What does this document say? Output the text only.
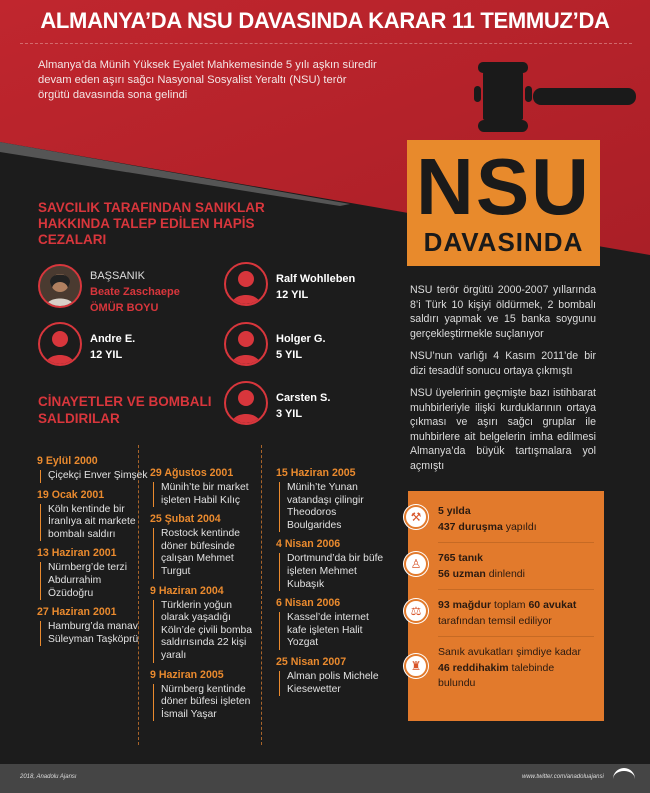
ALMANYA’DA NSU DAVASINDA KARAR 11 TEMMUZ’DA

Almanya’da Münih Yüksek Eyalet Mahkemesinde 5 yılı aşkın süredir devam eden aşırı sağcı Nasyonal Sosyalist Yeraltı (NSU) terör örgütü davasında sona gelindi

NSU
DAVASINDA
SAVCILIK TARAFINDAN SANIKLAR HAKKINDA TALEP EDİLEN HAPİS CEZALARI
BAŞSANIK
Beate Zaschaepe
ÖMÜR BOYU
Ralf Wohlleben
12 YIL
Andre E.
12 YIL
Holger G.
5 YIL
Carsten S.
3 YIL
CİNAYETLER VE BOMBALI SALDIRILAR
9 Eylül 2000
Çiçekçi Enver Şimşek
19 Ocak 2001
Köln kentinde bir İranlıya ait markete bombalı saldırı
13 Haziran 2001
Nürnberg’de terzi Abdurrahim Özüdoğru
27 Haziran 2001
Hamburg’da manav Süleyman Taşköprü
29 Ağustos 2001
Münih’te bir market işleten Habil Kılıç
25 Şubat 2004
Rostock kentinde döner büfesinde çalışan Mehmet Turgut
9 Haziran 2004
Türklerin yoğun olarak yaşadığı Köln’de çivili bomba saldırısında 22 kişi yaralı
9 Haziran 2005
Nürnberg kentinde döner büfesi işleten İsmail Yaşar
15 Haziran 2005
Münih’te Yunan vatandaşı çilingir Theodoros Boulgarides
4 Nisan 2006
Dortmund’da bir büfe işleten Mehmet Kubaşık
6 Nisan 2006
Kassel’de internet kafe işleten Halit Yozgat
25 Nisan 2007
Alman polis Michele Kiesewetter

NSU terör örgütü 2000-2007 yıllarında 8’i Türk 10 kişiyi öldürmek, 2 bombalı saldırı yapmak ve 15 banka soygunu gerçekleştirmekle suçlanıyor

NSU’nun varlığı 4 Kasım 2011’de bir dizi tesadüf sonucu ortaya çıkmıştı

NSU üyelerinin geçmişte bazı istihbarat muhbirleriyle ilişki kurduklarının ortaya çıkması ve aşırı sağcı gruplar ile muhbirlere ait belgelerin imha edilmesi Almanya’da büyük tartışmalara yol açmıştı

⚒	5 yılda
437 duruşma yapıldı
♙	765 tanık
56 uzman dinlendi
⚖	93 mağdur toplam 60 avukat
tarafından temsil ediliyor
♜
Sanık avukatları şimdiye kadar
46 reddihakim talebinde bulundu
2018, Anadolu Ajansı	www.twitter.com/anadoluajansi
